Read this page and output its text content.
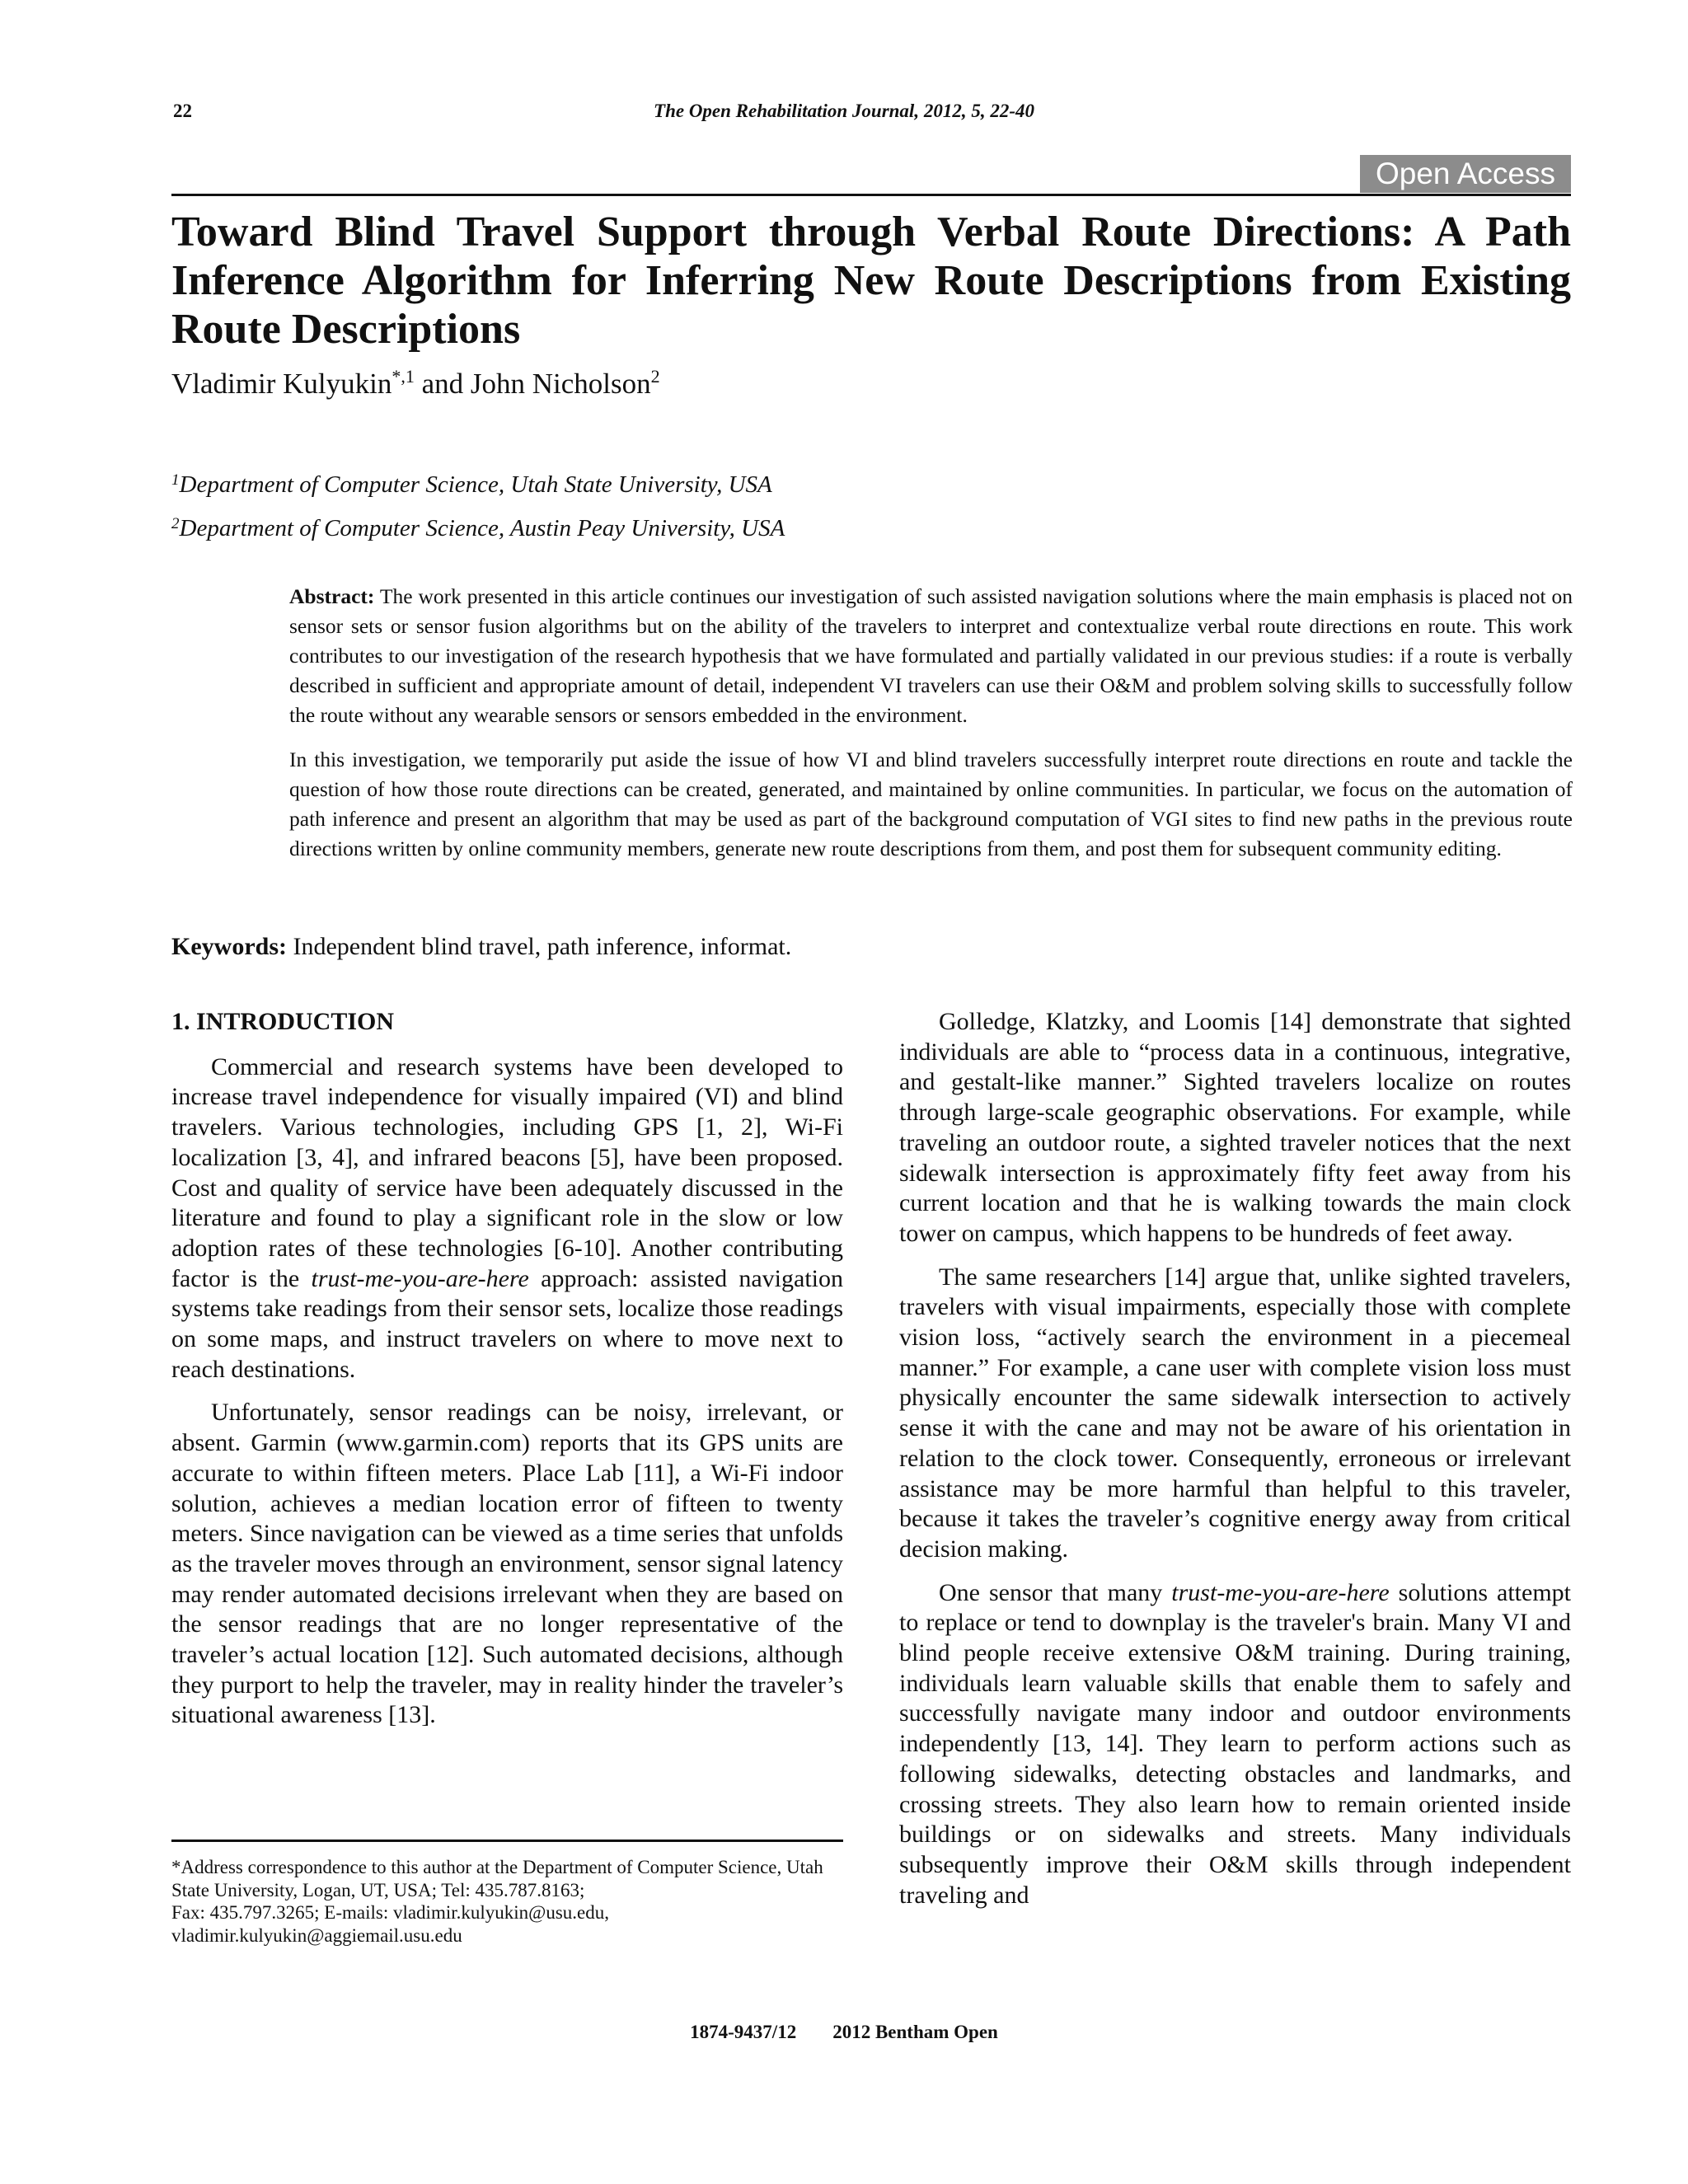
22	The Open Rehabilitation Journal, 2012, 5, 22-40
Open Access
Toward Blind Travel Support through Verbal Route Directions: A Path Inference Algorithm for Inferring New Route Descriptions from Existing Route Descriptions
Vladimir Kulyukin$^{*,1}$ and John Nicholson$^2$
$^1$Department of Computer Science, Utah State University, USA
$^2$Department of Computer Science, Austin Peay University, USA

Abstract: The work presented in this article continues our investigation of such assisted navigation solutions where the main emphasis is placed not on sensor sets or sensor fusion algorithms but on the ability of the travelers to interpret and contextualize verbal route directions en route. This work contributes to our investigation of the research hypothesis that we have formulated and partially validated in our previous studies: if a route is verbally described in sufficient and appropriate amount of detail, independent VI travelers can use their O&M and problem solving skills to successfully follow the route without any wearable sensors or sensors embedded in the environment.

In this investigation, we temporarily put aside the issue of how VI and blind travelers successfully interpret route directions en route and tackle the question of how those route directions can be created, generated, and maintained by online communities. In particular, we focus on the automation of path inference and present an algorithm that may be used as part of the background computation of VGI sites to find new paths in the previous route directions written by online community members, generate new route descriptions from them, and post them for subsequent community editing.

Keywords: Independent blind travel, path inference, informat.
1. INTRODUCTION

Commercial and research systems have been developed to increase travel independence for visually impaired (VI) and blind travelers. Various technologies, including GPS [1, 2], Wi-Fi localization [3, 4], and infrared beacons [5], have been proposed. Cost and quality of service have been adequately discussed in the literature and found to play a significant role in the slow or low adoption rates of these technologies [6-10]. Another contributing factor is the trust-me-you-are-here approach: assisted navigation systems take readings from their sensor sets, localize those readings on some maps, and instruct travelers on where to move next to reach destinations.

Unfortunately, sensor readings can be noisy, irrelevant, or absent. Garmin (www.garmin.com) reports that its GPS units are accurate to within fifteen meters. Place Lab [11], a Wi-Fi indoor solution, achieves a median location error of fifteen to twenty meters. Since navigation can be viewed as a time series that unfolds as the traveler moves through an environment, sensor signal latency may render automated decisions irrelevant when they are based on the sensor readings that are no longer representative of the traveler’s actual location [12]. Such automated decisions, although they purport to help the traveler, may in reality hinder the traveler’s situational awareness [13].

Golledge, Klatzky, and Loomis [14] demonstrate that sighted individuals are able to “process data in a continuous, integrative, and gestalt-like manner.” Sighted travelers localize on routes through large-scale geographic observations. For example, while traveling an outdoor route, a sighted traveler notices that the next sidewalk intersection is approximately fifty feet away from his current location and that he is walking towards the main clock tower on campus, which happens to be hundreds of feet away.

The same researchers [14] argue that, unlike sighted travelers, travelers with visual impairments, especially those with complete vision loss, “actively search the environment in a piecemeal manner.” For example, a cane user with complete vision loss must physically encounter the same sidewalk intersection to actively sense it with the cane and may not be aware of his orientation in relation to the clock tower. Consequently, erroneous or irrelevant assistance may be more harmful than helpful to this traveler, because it takes the traveler’s cognitive energy away from critical decision making.

One sensor that many trust-me-you-are-here solutions attempt to replace or tend to downplay is the traveler's brain. Many VI and blind people receive extensive O&M training. During training, individuals learn valuable skills that enable them to safely and successfully navigate many indoor and outdoor environments independently [13, 14]. They learn to perform actions such as following sidewalks, detecting obstacles and landmarks, and crossing streets. They also learn how to remain oriented inside buildings or on sidewalks and streets. Many individuals subsequently improve their O&M skills through independent traveling and

*Address correspondence to this author at the Department of Computer Science, Utah State University, Logan, UT, USA; Tel: 435.787.8163;
Fax: 435.797.3265; E-mails: vladimir.kulyukin@usu.edu,
vladimir.kulyukin@aggiemail.usu.edu
1874-9437/12 2012 Bentham Open
